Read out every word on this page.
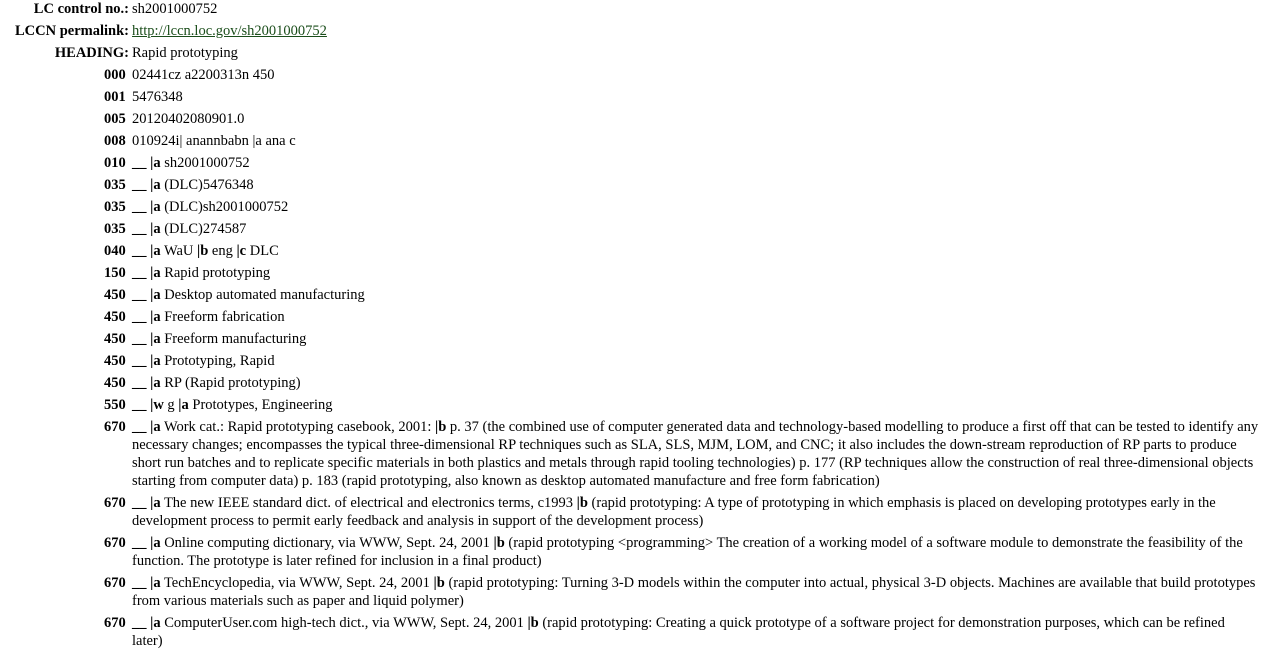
LC control no.: sh2001000752
LCCN permalink: http://lccn.loc.gov/sh2001000752
HEADING: Rapid prototyping
000 02441cz a2200313n 450
001 5476348
005 20120402080901.0
008 010924i| anannbabn |a ana c
010 __ |a sh2001000752
035 __ |a (DLC)5476348
035 __ |a (DLC)sh2001000752
035 __ |a (DLC)274587
040 __ |a WaU |b eng |c DLC
150 __ |a Rapid prototyping
450 __ |a Desktop automated manufacturing
450 __ |a Freeform fabrication
450 __ |a Freeform manufacturing
450 __ |a Prototyping, Rapid
450 __ |a RP (Rapid prototyping)
550 __ |w g |a Prototypes, Engineering
670 __ |a Work cat.: Rapid prototyping casebook, 2001: |b p. 37 (the combined use of computer generated data and technology-based modelling to produce a first off that can be tested to identify any necessary changes; encompasses the typical three-dimensional RP techniques such as SLA, SLS, MJM, LOM, and CNC; it also includes the down-stream reproduction of RP parts to produce short run batches and to replicate specific materials in both plastics and metals through rapid tooling technologies) p. 177 (RP techniques allow the construction of real three-dimensional objects starting from computer data) p. 183 (rapid prototyping, also known as desktop automated manufacture and free form fabrication)
670 __ |a The new IEEE standard dict. of electrical and electronics terms, c1993 |b (rapid prototyping: A type of prototyping in which emphasis is placed on developing prototypes early in the development process to permit early feedback and analysis in support of the development process)
670 __ |a Online computing dictionary, via WWW, Sept. 24, 2001 |b (rapid prototyping <programming> The creation of a working model of a software module to demonstrate the feasibility of the function. The prototype is later refined for inclusion in a final product)
670 __ |a TechEncyclopedia, via WWW, Sept. 24, 2001 |b (rapid prototyping: Turning 3-D models within the computer into actual, physical 3-D objects. Machines are available that build prototypes from various materials such as paper and liquid polymer)
670 __ |a ComputerUser.com high-tech dict., via WWW, Sept. 24, 2001 |b (rapid prototyping: Creating a quick prototype of a software project for demonstration purposes, which can be refined later)
